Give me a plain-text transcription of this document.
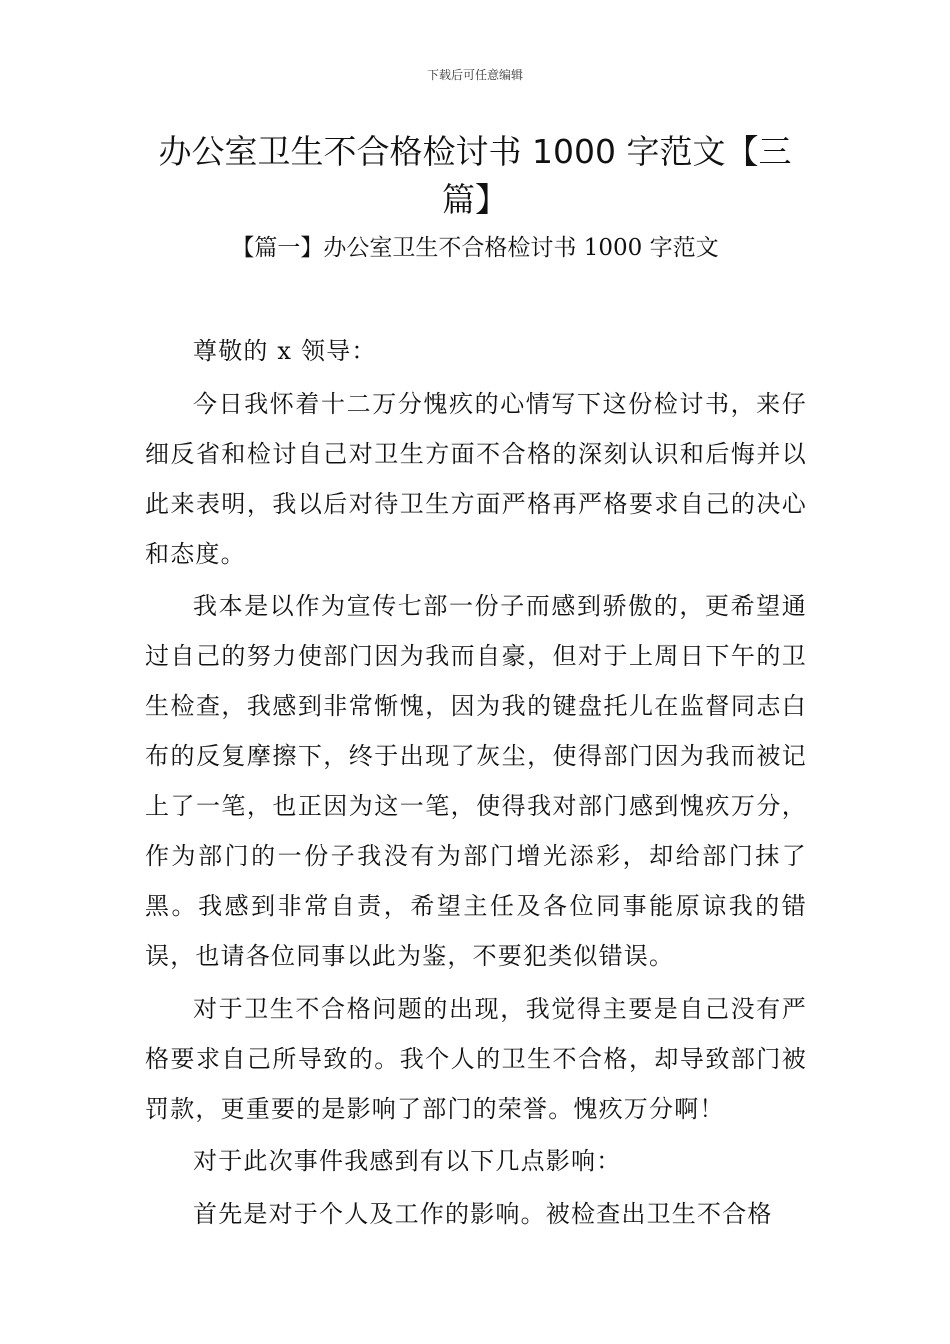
下载后可任意编辑
办公室卫生不合格检讨书 1000 字范文【三篇】
【篇一】办公室卫生不合格检讨书 1000 字范文

尊敬的 x 领导：

今日我怀着十二万分愧疚的心情写下这份检讨书，来仔细反省和检讨自己对卫生方面不合格的深刻认识和后悔并以此来表明，我以后对待卫生方面严格再严格要求自己的决心和态度。

我本是以作为宣传七部一份子而感到骄傲的，更希望通过自己的努力使部门因为我而自豪，但对于上周日下午的卫生检查，我感到非常惭愧，因为我的键盘托儿在监督同志白布的反复摩擦下，终于出现了灰尘，使得部门因为我而被记上了一笔，也正因为这一笔，使得我对部门感到愧疚万分，作为部门的一份子我没有为部门增光添彩，却给部门抹了黑。我感到非常自责，希望主任及各位同事能原谅我的错误，也请各位同事以此为鉴，不要犯类似错误。

对于卫生不合格问题的出现，我觉得主要是自己没有严格要求自己所导致的。我个人的卫生不合格，却导致部门被罚款，更重要的是影响了部门的荣誉。愧疚万分啊！

对于此次事件我感到有以下几点影响：

首先是对于个人及工作的影响。被检查出卫生不合格
